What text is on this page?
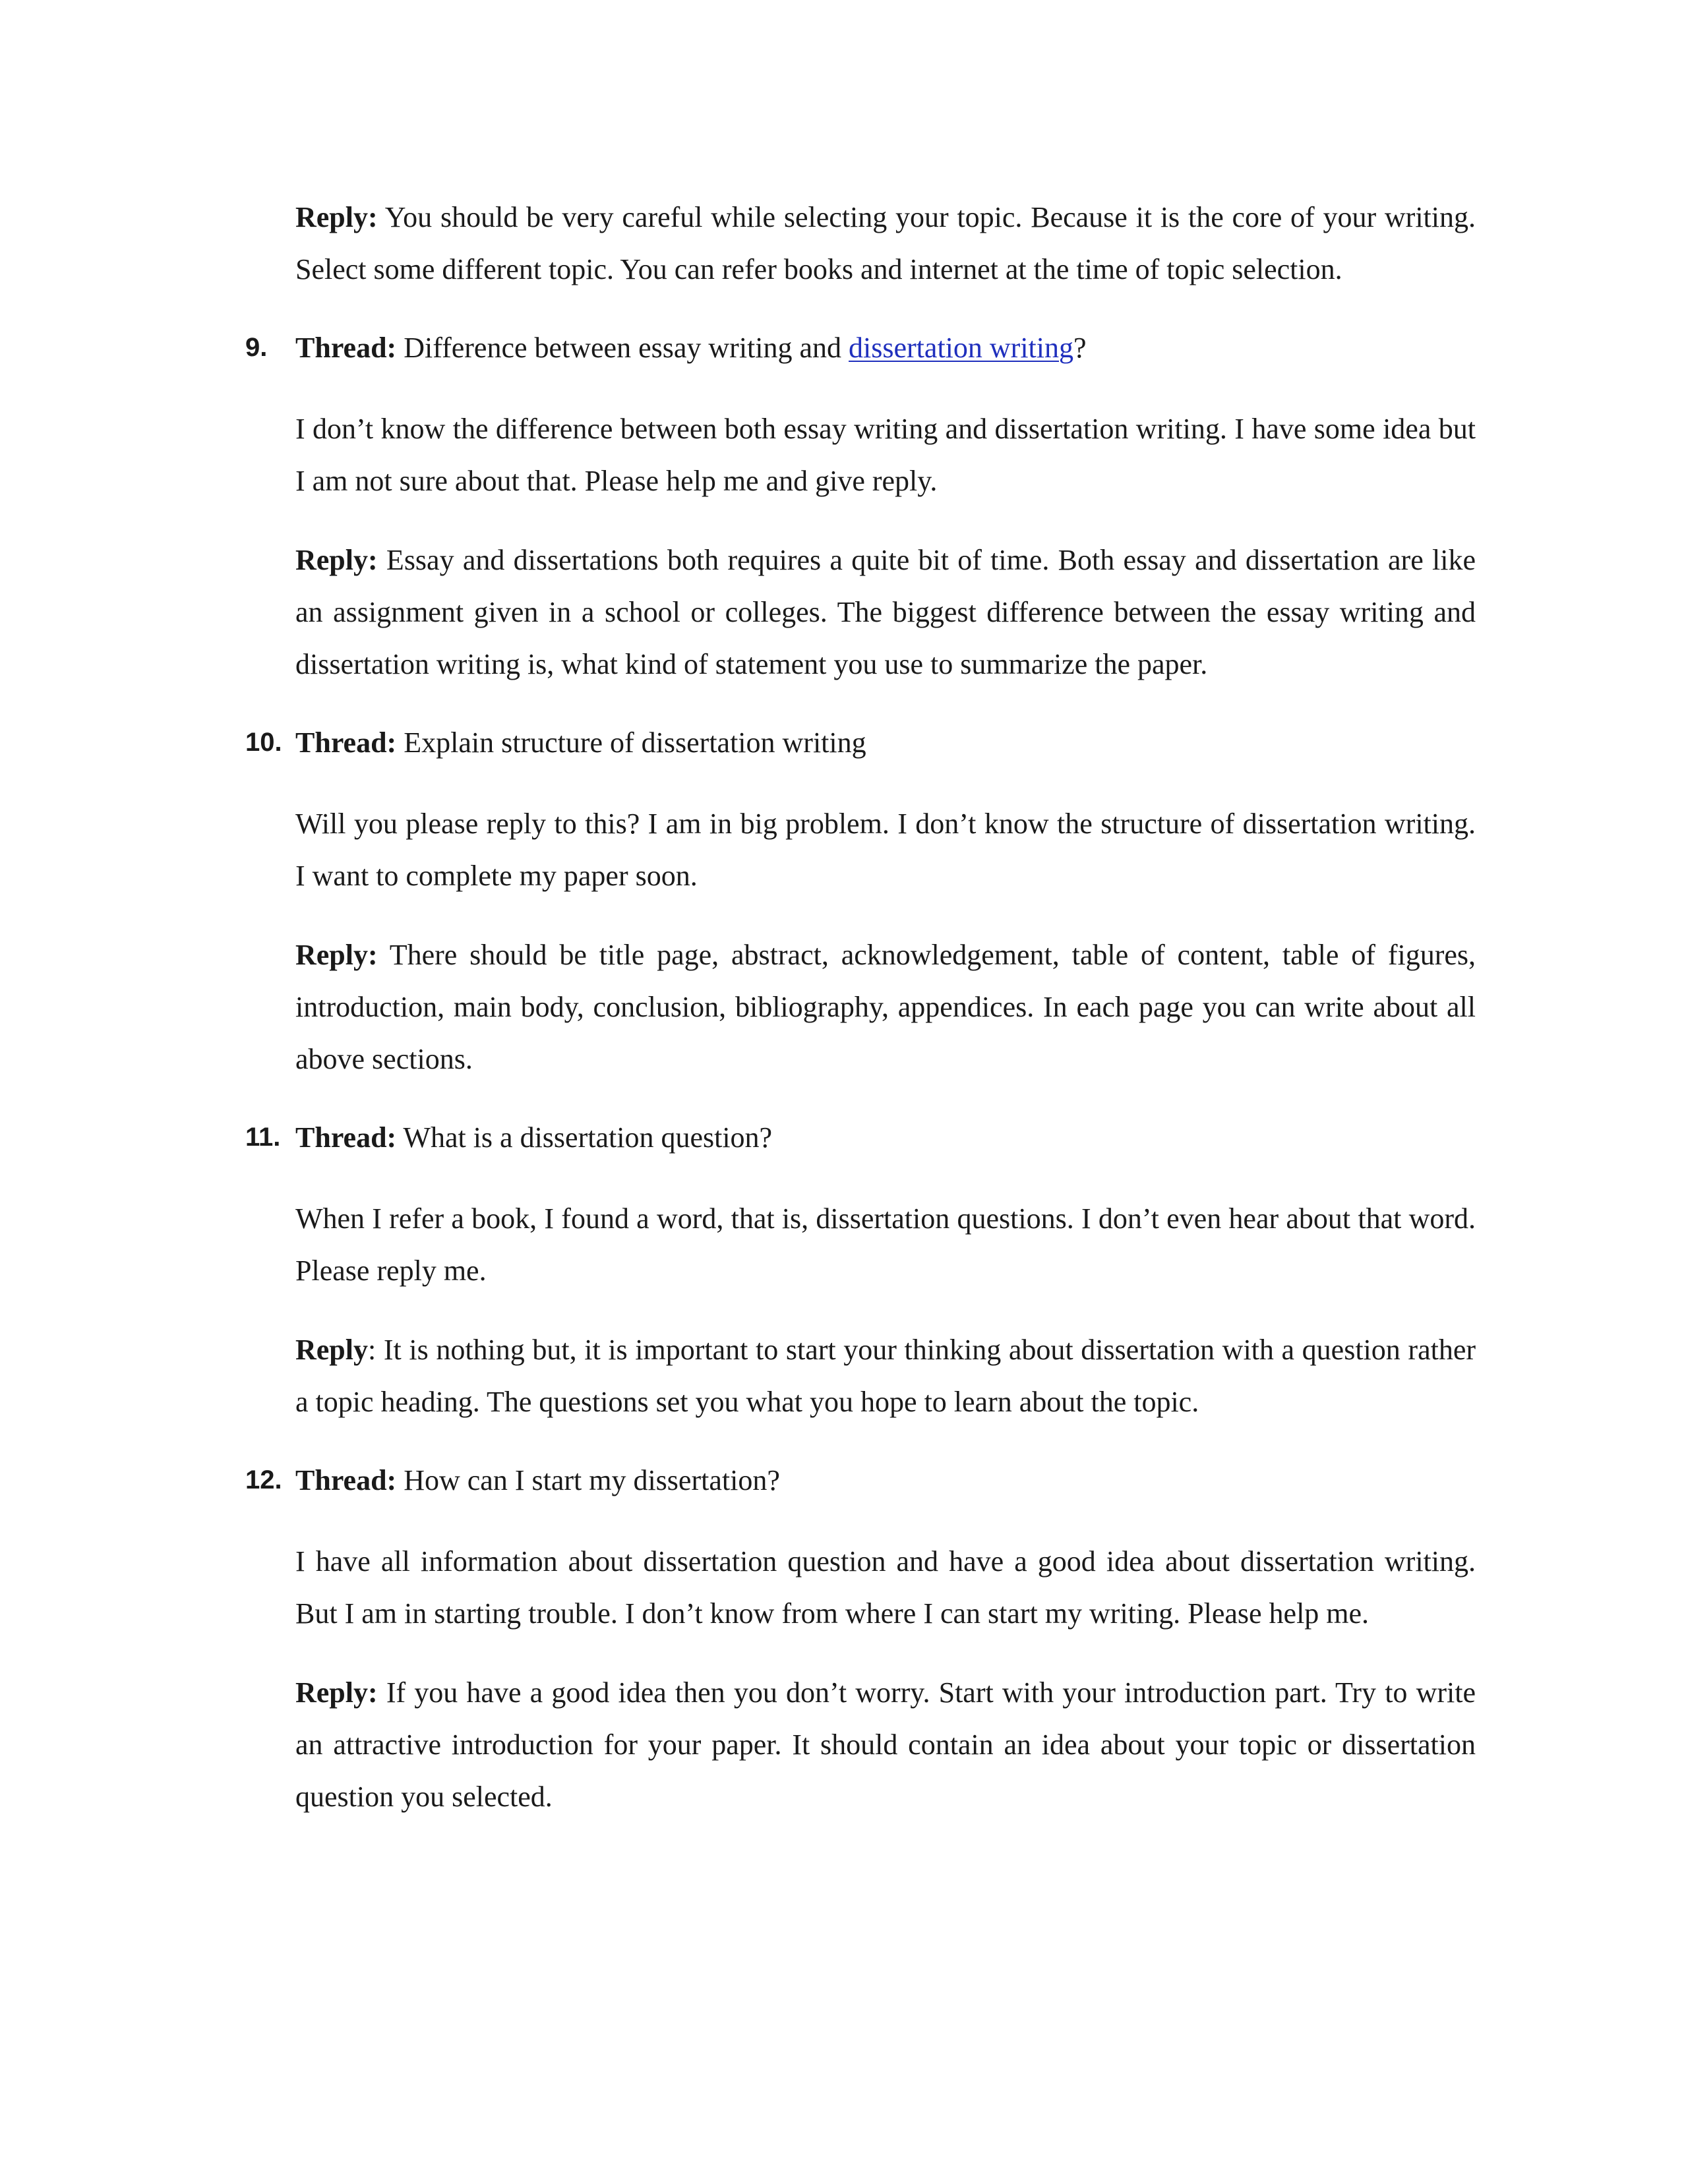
Reply: You should be very careful while selecting your topic. Because it is the core of your writing. Select some different topic. You can refer books and internet at the time of topic selection.

9. Thread: Difference between essay writing and dissertation writing?

I don’t know the difference between both essay writing and dissertation writing. I have some idea but I am not sure about that. Please help me and give reply.

Reply: Essay and dissertations both requires a quite bit of time. Both essay and dissertation are like an assignment given in a school or colleges. The biggest difference between the essay writing and dissertation writing is, what kind of statement you use to summarize the paper.

10. Thread: Explain structure of dissertation writing

Will you please reply to this? I am in big problem. I don’t know the structure of dissertation writing. I want to complete my paper soon.

Reply: There should be title page, abstract, acknowledgement, table of content, table of figures, introduction, main body, conclusion, bibliography, appendices. In each page you can write about all above sections.

11. Thread: What is a dissertation question?

When I refer a book, I found a word, that is, dissertation questions. I don’t even hear about that word. Please reply me.

Reply: It is nothing but, it is important to start your thinking about dissertation with a question rather a topic heading. The questions set you what you hope to learn about the topic.

12. Thread: How can I start my dissertation?

I have all information about dissertation question and have a good idea about dissertation writing. But I am in starting trouble. I don’t know from where I can start my writing. Please help me.

Reply: If you have a good idea then you don’t worry. Start with your introduction part. Try to write an attractive introduction for your paper. It should contain an idea about your topic or dissertation question you selected.
